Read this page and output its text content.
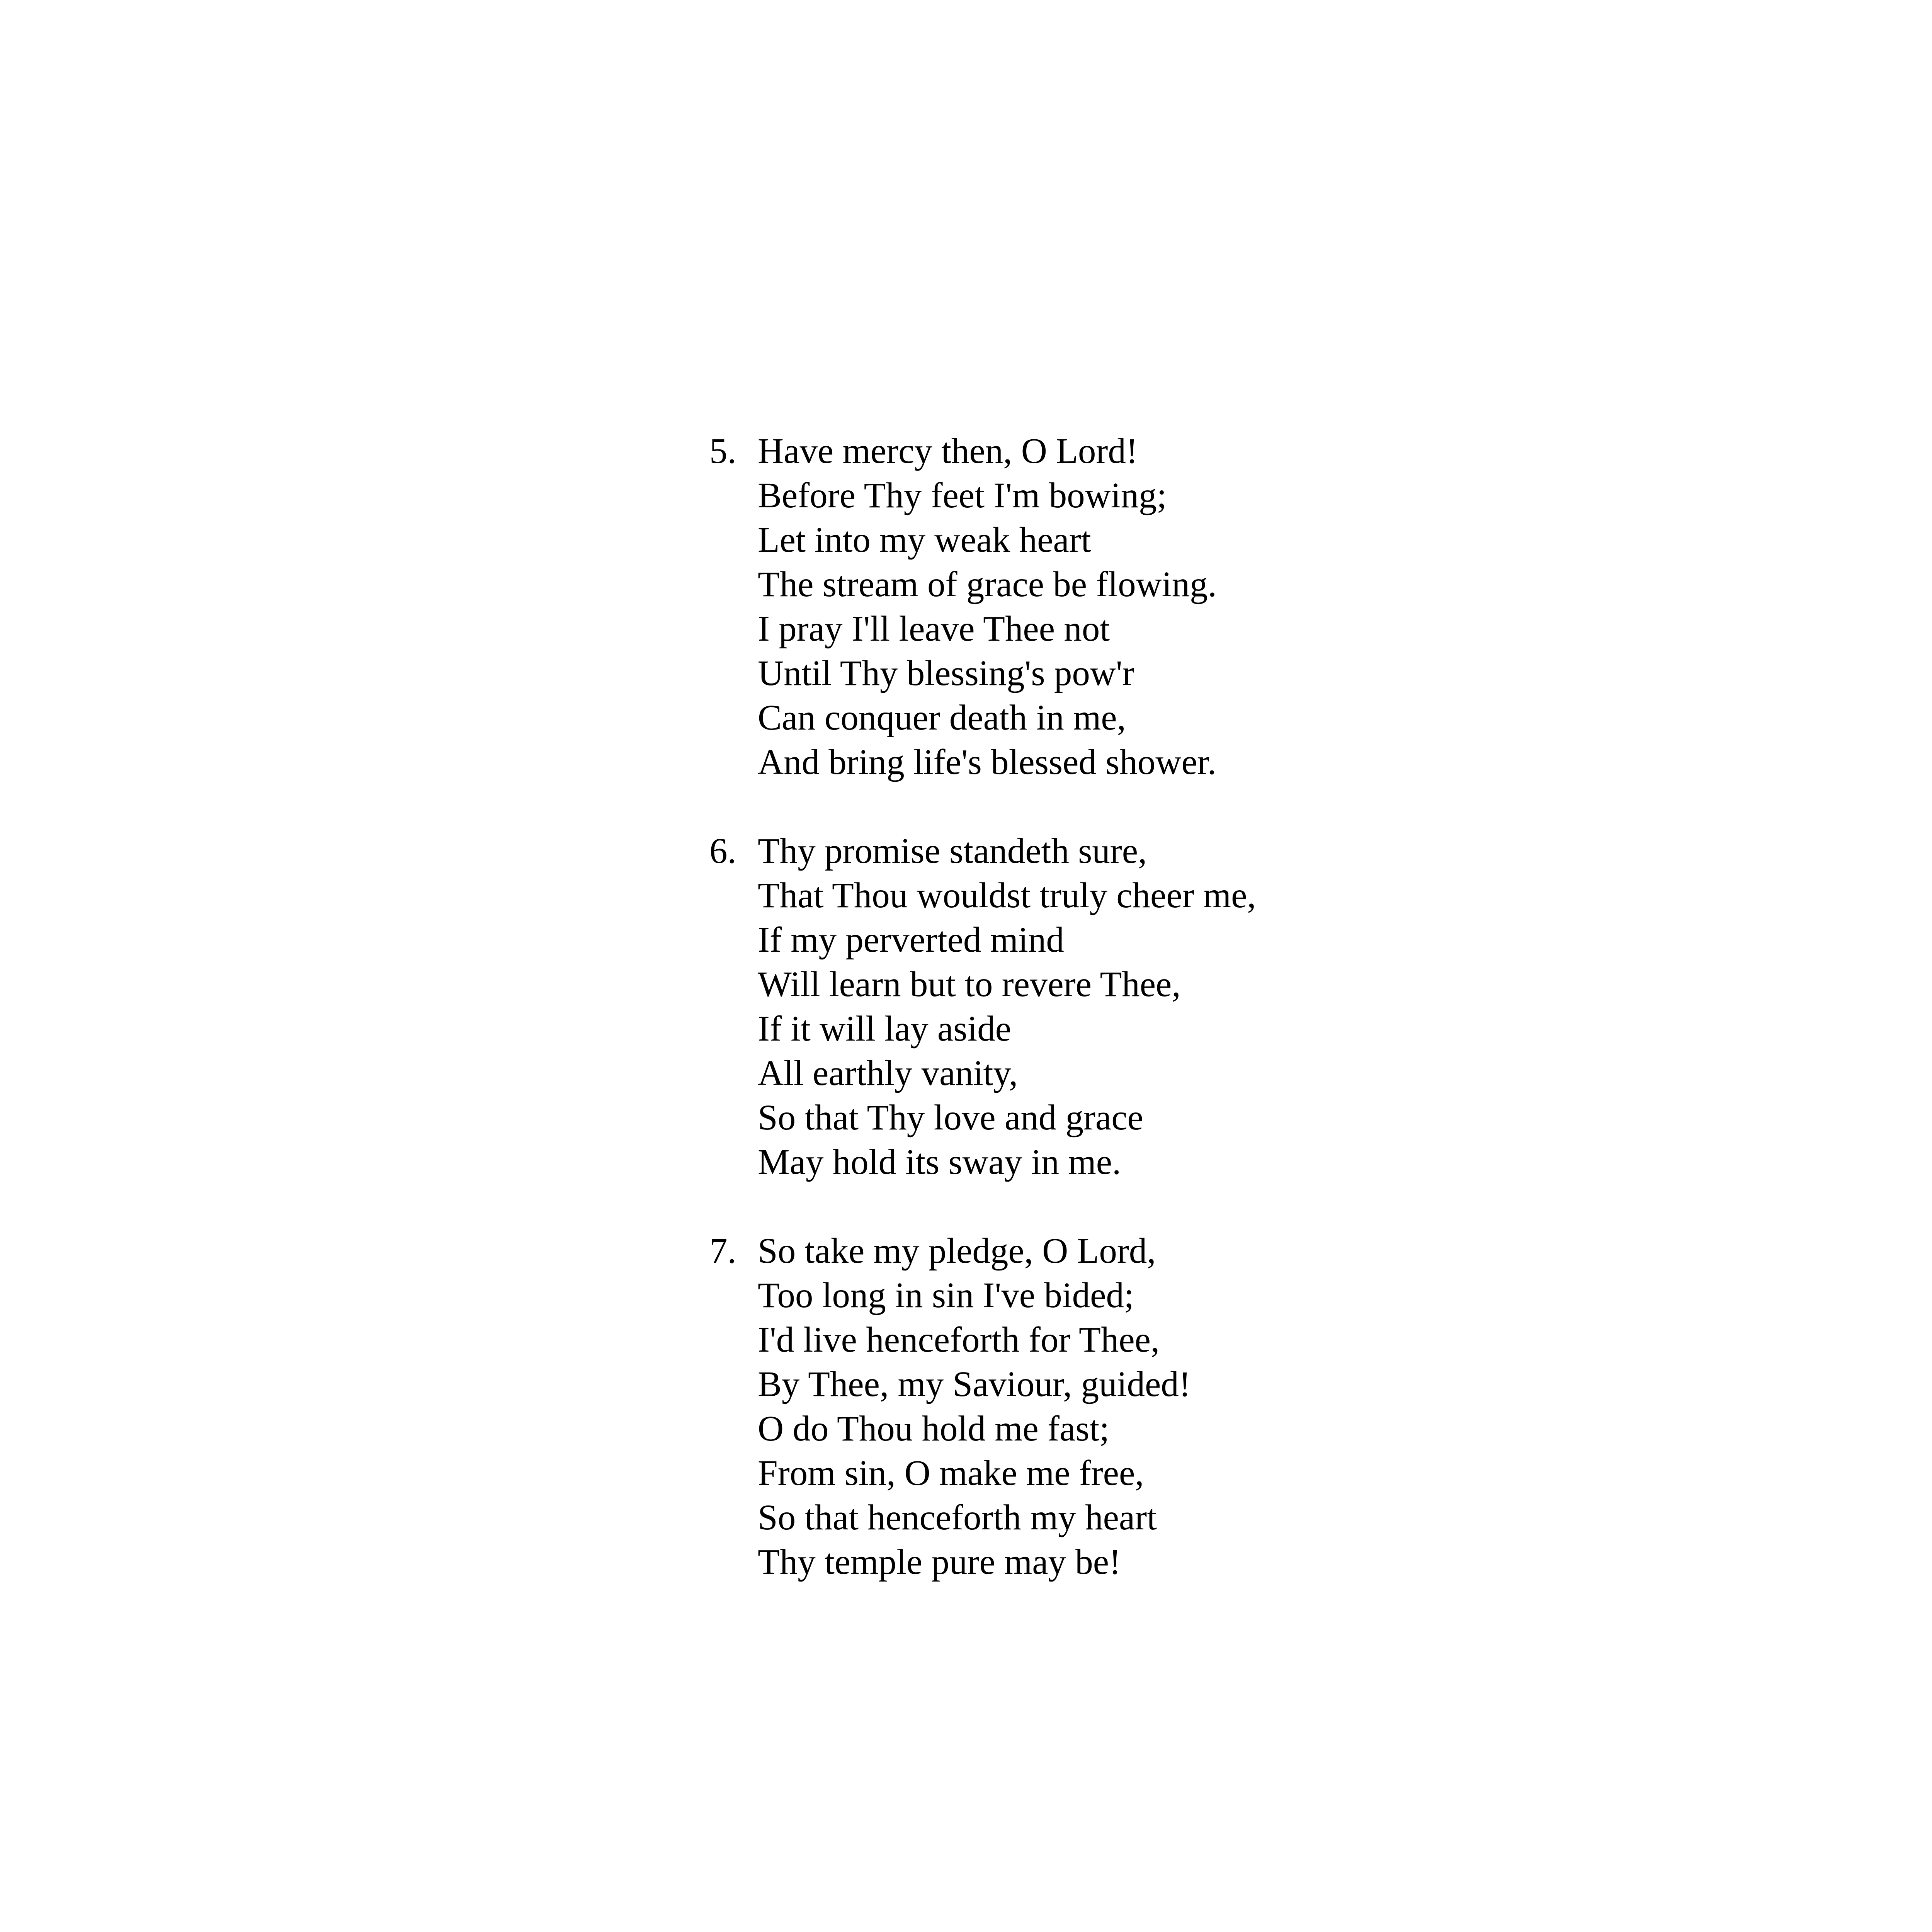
5. Have mercy then, O Lord!
Before Thy feet I'm bowing;
Let into my weak heart
The stream of grace be flowing.
I pray I'll leave Thee not
Until Thy blessing's pow'r
Can conquer death in me,
And bring life's blessed shower.
6. Thy promise standeth sure,
That Thou wouldst truly cheer me,
If my perverted mind
Will learn but to revere Thee,
If it will lay aside
All earthly vanity,
So that Thy love and grace
May hold its sway in me.
7. So take my pledge, O Lord,
Too long in sin I've bided;
I'd live henceforth for Thee,
By Thee, my Saviour, guided!
O do Thou hold me fast;
From sin, O make me free,
So that henceforth my heart
Thy temple pure may be!
